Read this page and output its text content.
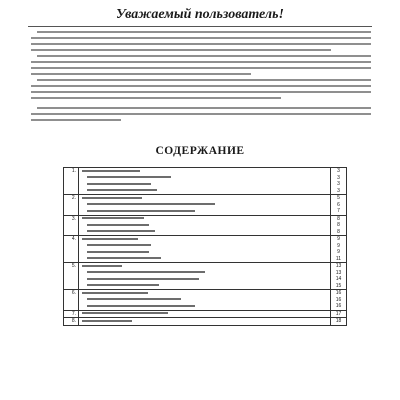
Уважаемый пользователь!
СОДЕРЖАНИЕ
1.		3
3
3
3

2.		5
6
7

3.		8
8
8

4.		9
9
9
11

5.		13
13
14
15

6.		16
16
16

7.		17

8.		18
